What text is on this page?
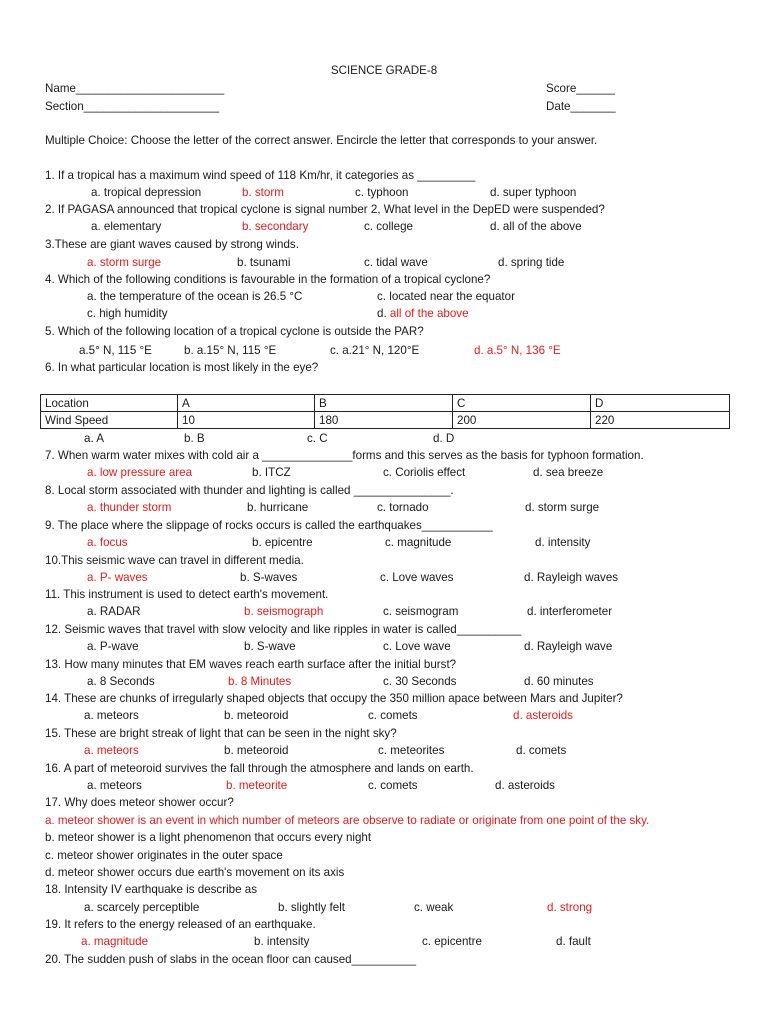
SCIENCE GRADE-8
Name_______________________	Score______
Section_____________________	Date_______
Multiple Choice: Choose the letter of the correct answer. Encircle the letter that corresponds to your answer.
1. If a tropical has a maximum wind speed of 118 Km/hr, it categories as _________
a. tropical depression	b. storm	c. typhoon	d. super typhoon
2. If PAGASA announced that tropical cyclone is signal number 2, What level in the DepED were suspended?
a. elementary	b. secondary	c. college	d. all of the above
3.These are giant waves caused by strong winds.
a. storm surge	b. tsunami	c. tidal wave	d. spring tide
4. Which of the following conditions is favourable in the formation of a tropical cyclone?
a. the temperature of the ocean is 26.5 °C	c. located near the equator
c. high humidity	d. all of the above
5. Which of the following location of a tropical cyclone is outside the PAR?
a.5° N, 115 °E	b. a.15° N, 115 °E	c. a.21° N, 120°E	d. a.5° N, 136 °E
6. In what particular location is most likely in the eye?
Location	A	B	C	D
Wind Speed	10	180	200	220
a. A	b. B	c. C	d. D
7. When warm water mixes with cold air a ______________forms and this serves as the basis for typhoon formation.
a. low pressure area	b. ITCZ	c. Coriolis effect	d. sea breeze
8. Local storm associated with thunder and lighting is called _______________.
a. thunder storm	b. hurricane	c. tornado	d. storm surge
9. The place where the slippage of rocks occurs is called the earthquakes___________
a. focus	b. epicentre	c. magnitude	d. intensity
10.This seismic wave can travel in different media.
a. P- waves	b. S-waves	c. Love waves	d. Rayleigh waves
11. This instrument is used to detect earth's movement.
a. RADAR	b. seismograph	c. seismogram	d. interferometer
12. Seismic waves that travel with slow velocity and like ripples in water is called__________
a. P-wave	b. S-wave	c. Love wave	d. Rayleigh wave
13. How many minutes that EM waves reach earth surface after the initial burst?
a. 8 Seconds	b. 8 Minutes	c. 30 Seconds	d. 60 minutes
14. These are chunks of irregularly shaped objects that occupy the 350 million apace between Mars and Jupiter?
a. meteors	b. meteoroid	c. comets	d. asteroids
15. These are bright streak of light that can be seen in the night sky?
a. meteors	b. meteoroid	c. meteorites	d. comets
16. A part of meteoroid survives the fall through the atmosphere and lands on earth.
a. meteors	b. meteorite	c. comets	d. asteroids
17. Why does meteor shower occur?
a. meteor shower is an event in which number of meteors are observe to radiate or originate from one point of the sky.
b. meteor shower is a light phenomenon that occurs every night
c. meteor shower originates in the outer space
d. meteor shower occurs due earth's movement on its axis
18. Intensity IV earthquake is describe as
a. scarcely perceptible	b. slightly felt	c. weak	d. strong
19. It refers to the energy released of an earthquake.
a. magnitude	b. intensity	c. epicentre	d. fault
20. The sudden push of slabs in the ocean floor can caused__________
